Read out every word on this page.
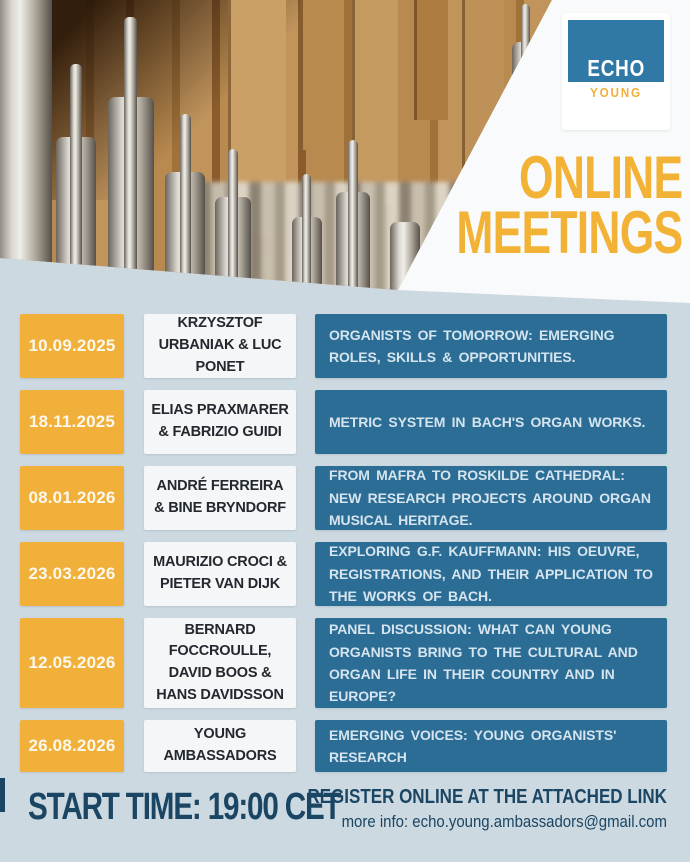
ECHO
YOUNG
ONLINE
MEETINGS
10.09.2025
KRZYSZTOF URBANIAK & LUC PONET
ORGANISTS OF TOMORROW: EMERGING ROLES, SKILLS & OPPORTUNITIES.
18.11.2025
ELIAS PRAXMARER & FABRIZIO GUIDI
METRIC SYSTEM IN BACH'S ORGAN WORKS.
08.01.2026
ANDRÉ FERREIRA & BINE BRYNDORF
FROM MAFRA TO ROSKILDE CATHEDRAL: NEW RESEARCH PROJECTS AROUND ORGAN MUSICAL HERITAGE.
23.03.2026
MAURIZIO CROCI & PIETER VAN DIJK
EXPLORING G.F. KAUFFMANN: HIS OEUVRE, REGISTRATIONS, AND THEIR APPLICATION TO THE WORKS OF BACH.
12.05.2026
BERNARD FOCCROULLE, DAVID BOOS & HANS DAVIDSSON
PANEL DISCUSSION: WHAT CAN YOUNG ORGANISTS BRING TO THE CULTURAL AND ORGAN LIFE IN THEIR COUNTRY AND IN EUROPE?
26.08.2026
YOUNG AMBASSADORS
EMERGING VOICES: YOUNG ORGANISTS' RESEARCH
START TIME: 19:00 CET
REGISTER ONLINE AT THE ATTACHED LINK
more info: echo.young.ambassadors@gmail.com
